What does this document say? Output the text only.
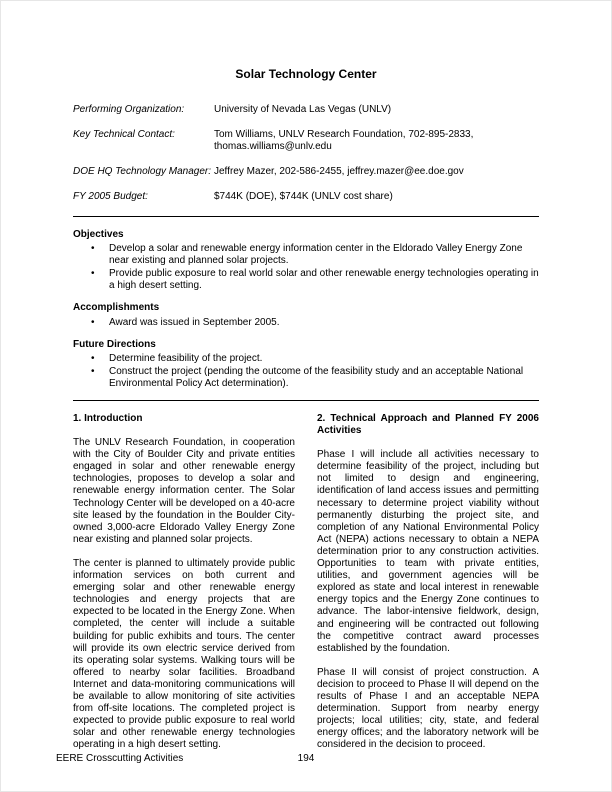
Solar Technology Center
Performing Organization:	University of Nevada Las Vegas (UNLV)
Key Technical Contact:	Tom Williams, UNLV Research Foundation, 702-895-2833, thomas.williams@unlv.edu
DOE HQ Technology Manager: Jeffrey Mazer, 202-586-2455, jeffrey.mazer@ee.doe.gov
FY 2005 Budget:	$744K (DOE), $744K (UNLV cost share)
Objectives
• Develop a solar and renewable energy information center in the Eldorado Valley Energy Zone near existing and planned solar projects.
• Provide public exposure to real world solar and other renewable energy technologies operating in a high desert setting.
Accomplishments
• Award was issued in September 2005.
Future Directions
• Determine feasibility of the project.
• Construct the project (pending the outcome of the feasibility study and an acceptable National Environmental Policy Act determination).
1. Introduction

The UNLV Research Foundation, in cooperation with the City of Boulder City and private entities engaged in solar and other renewable energy technologies, proposes to develop a solar and renewable energy information center. The Solar Technology Center will be developed on a 40-acre site leased by the foundation in the Boulder City-owned 3,000-acre Eldorado Valley Energy Zone near existing and planned solar projects.

The center is planned to ultimately provide public information services on both current and emerging solar and other renewable energy technologies and energy projects that are expected to be located in the Energy Zone. When completed, the center will include a suitable building for public exhibits and tours. The center will provide its own electric service derived from its operating solar systems. Walking tours will be offered to nearby solar facilities. Broadband Internet and data-monitoring communications will be available to allow monitoring of site activities from off-site locations. The completed project is expected to provide public exposure to real world solar and other renewable energy technologies operating in a high desert setting.

2. Technical Approach and Planned FY 2006 Activities

Phase I will include all activities necessary to determine feasibility of the project, including but not limited to design and engineering, identification of land access issues and permitting necessary to determine project viability without permanently disturbing the project site, and completion of any National Environmental Policy Act (NEPA) actions necessary to obtain a NEPA determination prior to any construction activities. Opportunities to team with private entities, utilities, and government agencies will be explored as state and local interest in renewable energy topics and the Energy Zone continues to advance. The labor-intensive fieldwork, design, and engineering will be contracted out following the competitive contract award processes established by the foundation.

Phase II will consist of project construction. A decision to proceed to Phase II will depend on the results of Phase I and an acceptable NEPA determination. Support from nearby energy projects; local utilities; city, state, and federal energy offices; and the laboratory network will be considered in the decision to proceed.

EERE Crosscutting Activities	194
